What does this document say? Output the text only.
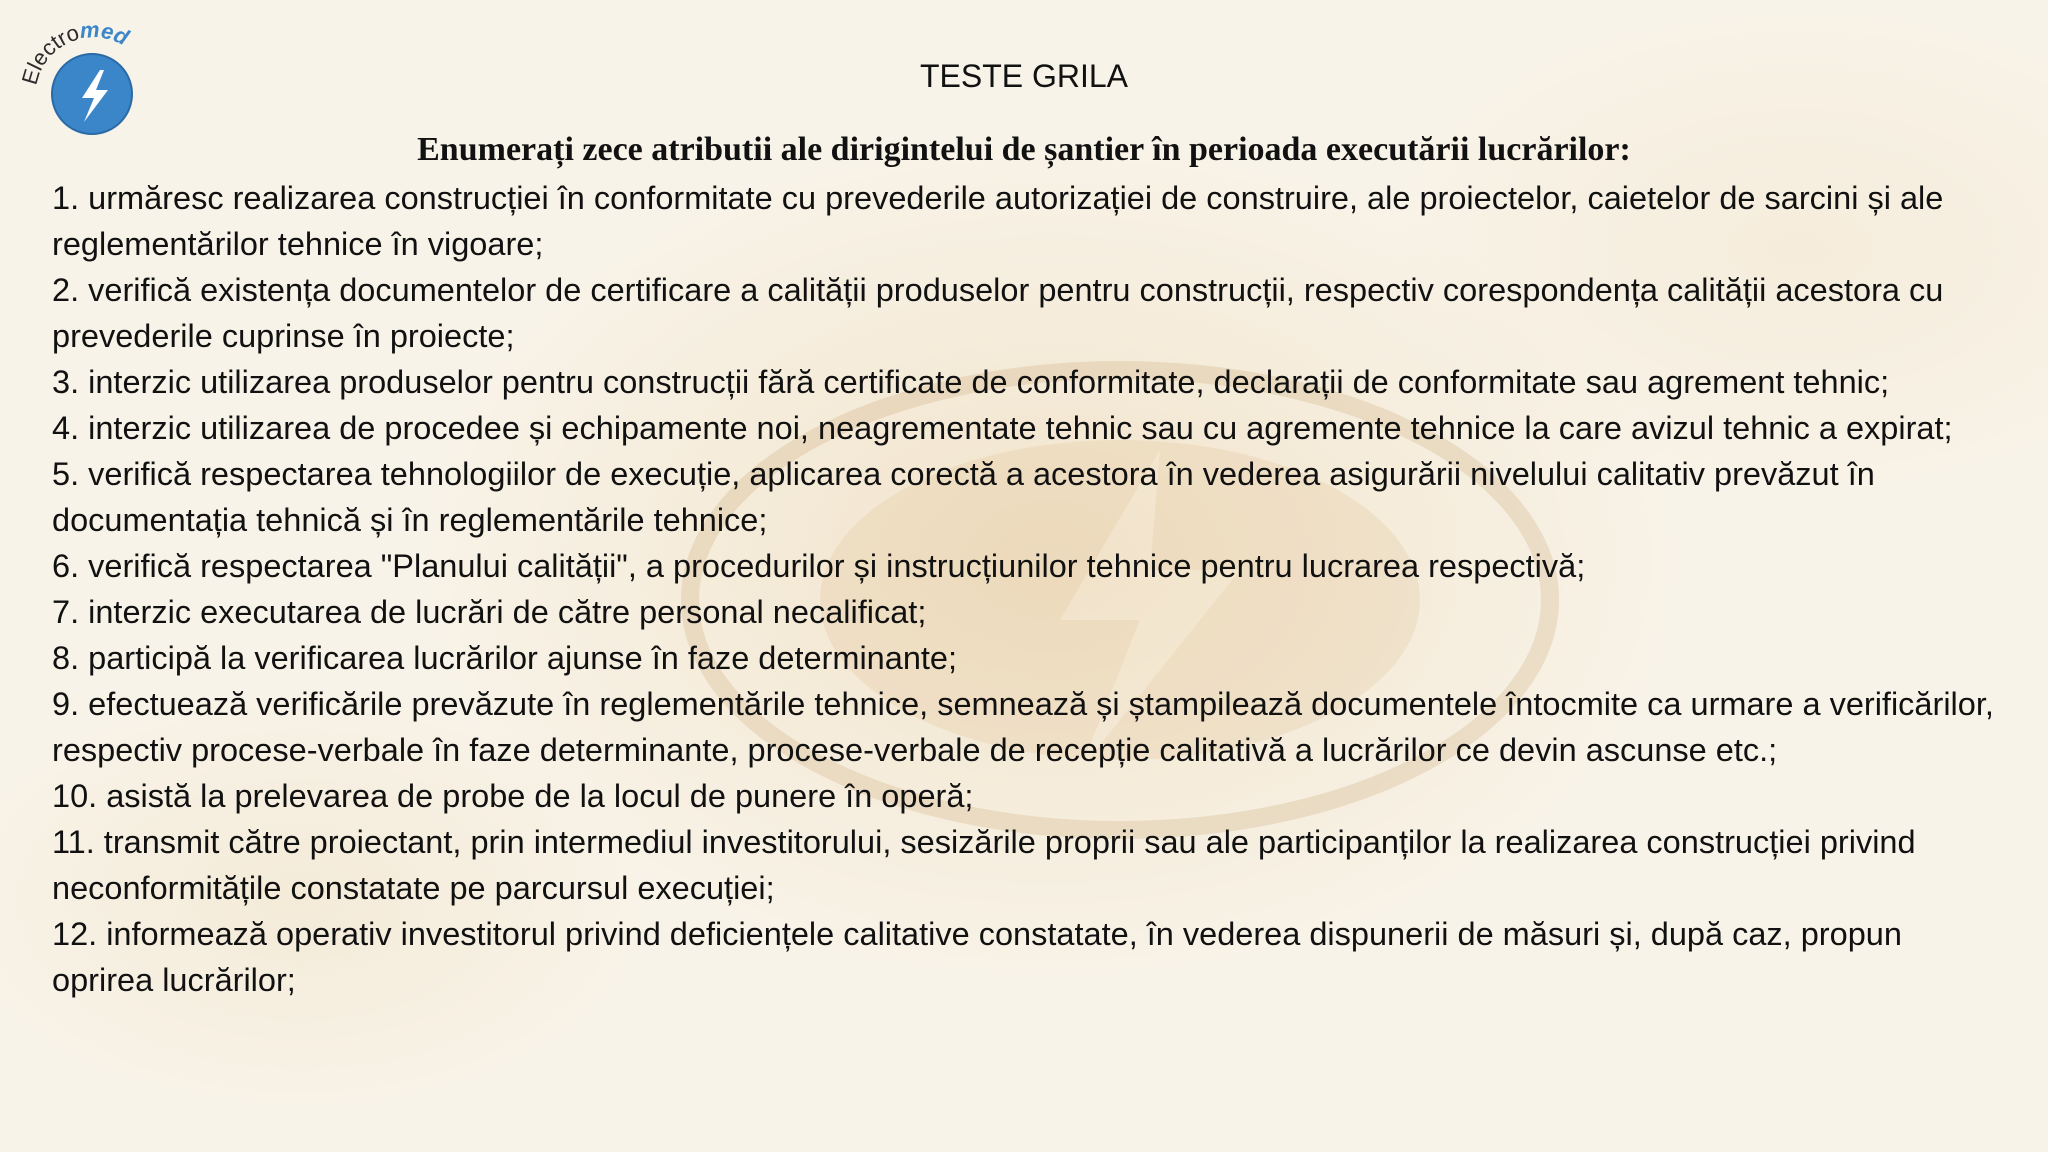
lectromed
TESTE GRILA
Enumerați zece atributii ale dirigintelui de șantier în perioada executării lucrărilor:
1. urmăresc realizarea construcției în conformitate cu prevederile autorizației de construire, ale proiectelor, caietelor de sarcini și ale reglementărilor tehnice în vigoare;
2. verifică existența documentelor de certificare a calității produselor pentru construcții, respectiv corespondența calității acestora cu prevederile cuprinse în proiecte;
3. interzic utilizarea produselor pentru construcții fără certificate de conformitate, declarații de conformitate sau agrement tehnic;
4. interzic utilizarea de procedee și echipamente noi, neagrementate tehnic sau cu agremente tehnice la care avizul tehnic a expirat;
5. verifică respectarea tehnologiilor de execuție, aplicarea corectă a acestora în vederea asigurării nivelului calitativ prevăzut în documentația tehnică și în reglementările tehnice;
6. verifică respectarea "Planului calității", a procedurilor și instrucțiunilor tehnice pentru lucrarea respectivă;
7. interzic executarea de lucrări de către personal necalificat;
8. participă la verificarea lucrărilor ajunse în faze determinante;
9. efectuează verificările prevăzute în reglementările tehnice, semnează și ștampilează documentele întocmite ca urmare a verificărilor, respectiv procese-verbale în faze determinante, procese-verbale de recepție calitativă a lucrărilor ce devin ascunse etc.;
10. asistă la prelevarea de probe de la locul de punere în operă;
11. transmit către proiectant, prin intermediul investitorului, sesizările proprii sau ale participanților la realizarea construcției privind neconformitățile constatate pe parcursul execuției;
12. informează operativ investitorul privind deficiențele calitative constatate, în vederea dispunerii de măsuri și, după caz, propun oprirea lucrărilor;
